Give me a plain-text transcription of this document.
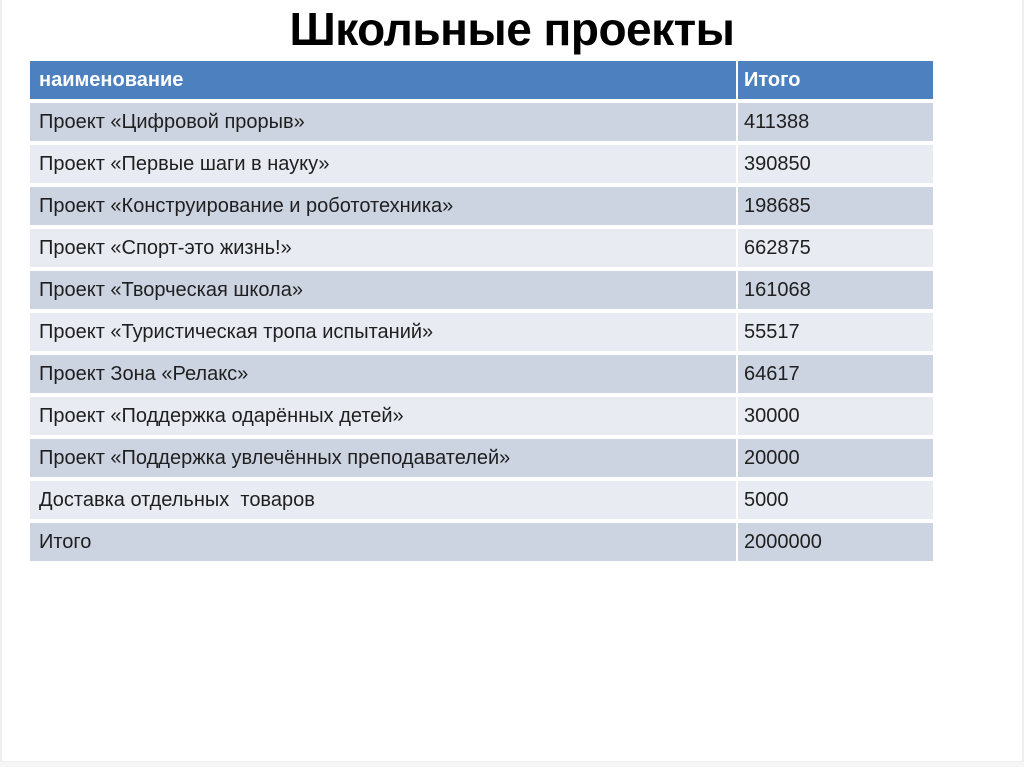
Школьные проекты
наименование	Итого
Проект «Цифровой прорыв»	411388
Проект «Первые шаги в науку»	390850
Проект «Конструирование и робототехника»	198685
Проект «Спорт-это жизнь!»	662875
Проект «Творческая школа»	161068
Проект «Туристическая тропа испытаний»	55517
Проект Зона «Релакс»	64617
Проект «Поддержка одарённых детей»	30000
Проект «Поддержка увлечённых преподавателей»	20000
Доставка отдельных  товаров	5000
Итого	2000000
